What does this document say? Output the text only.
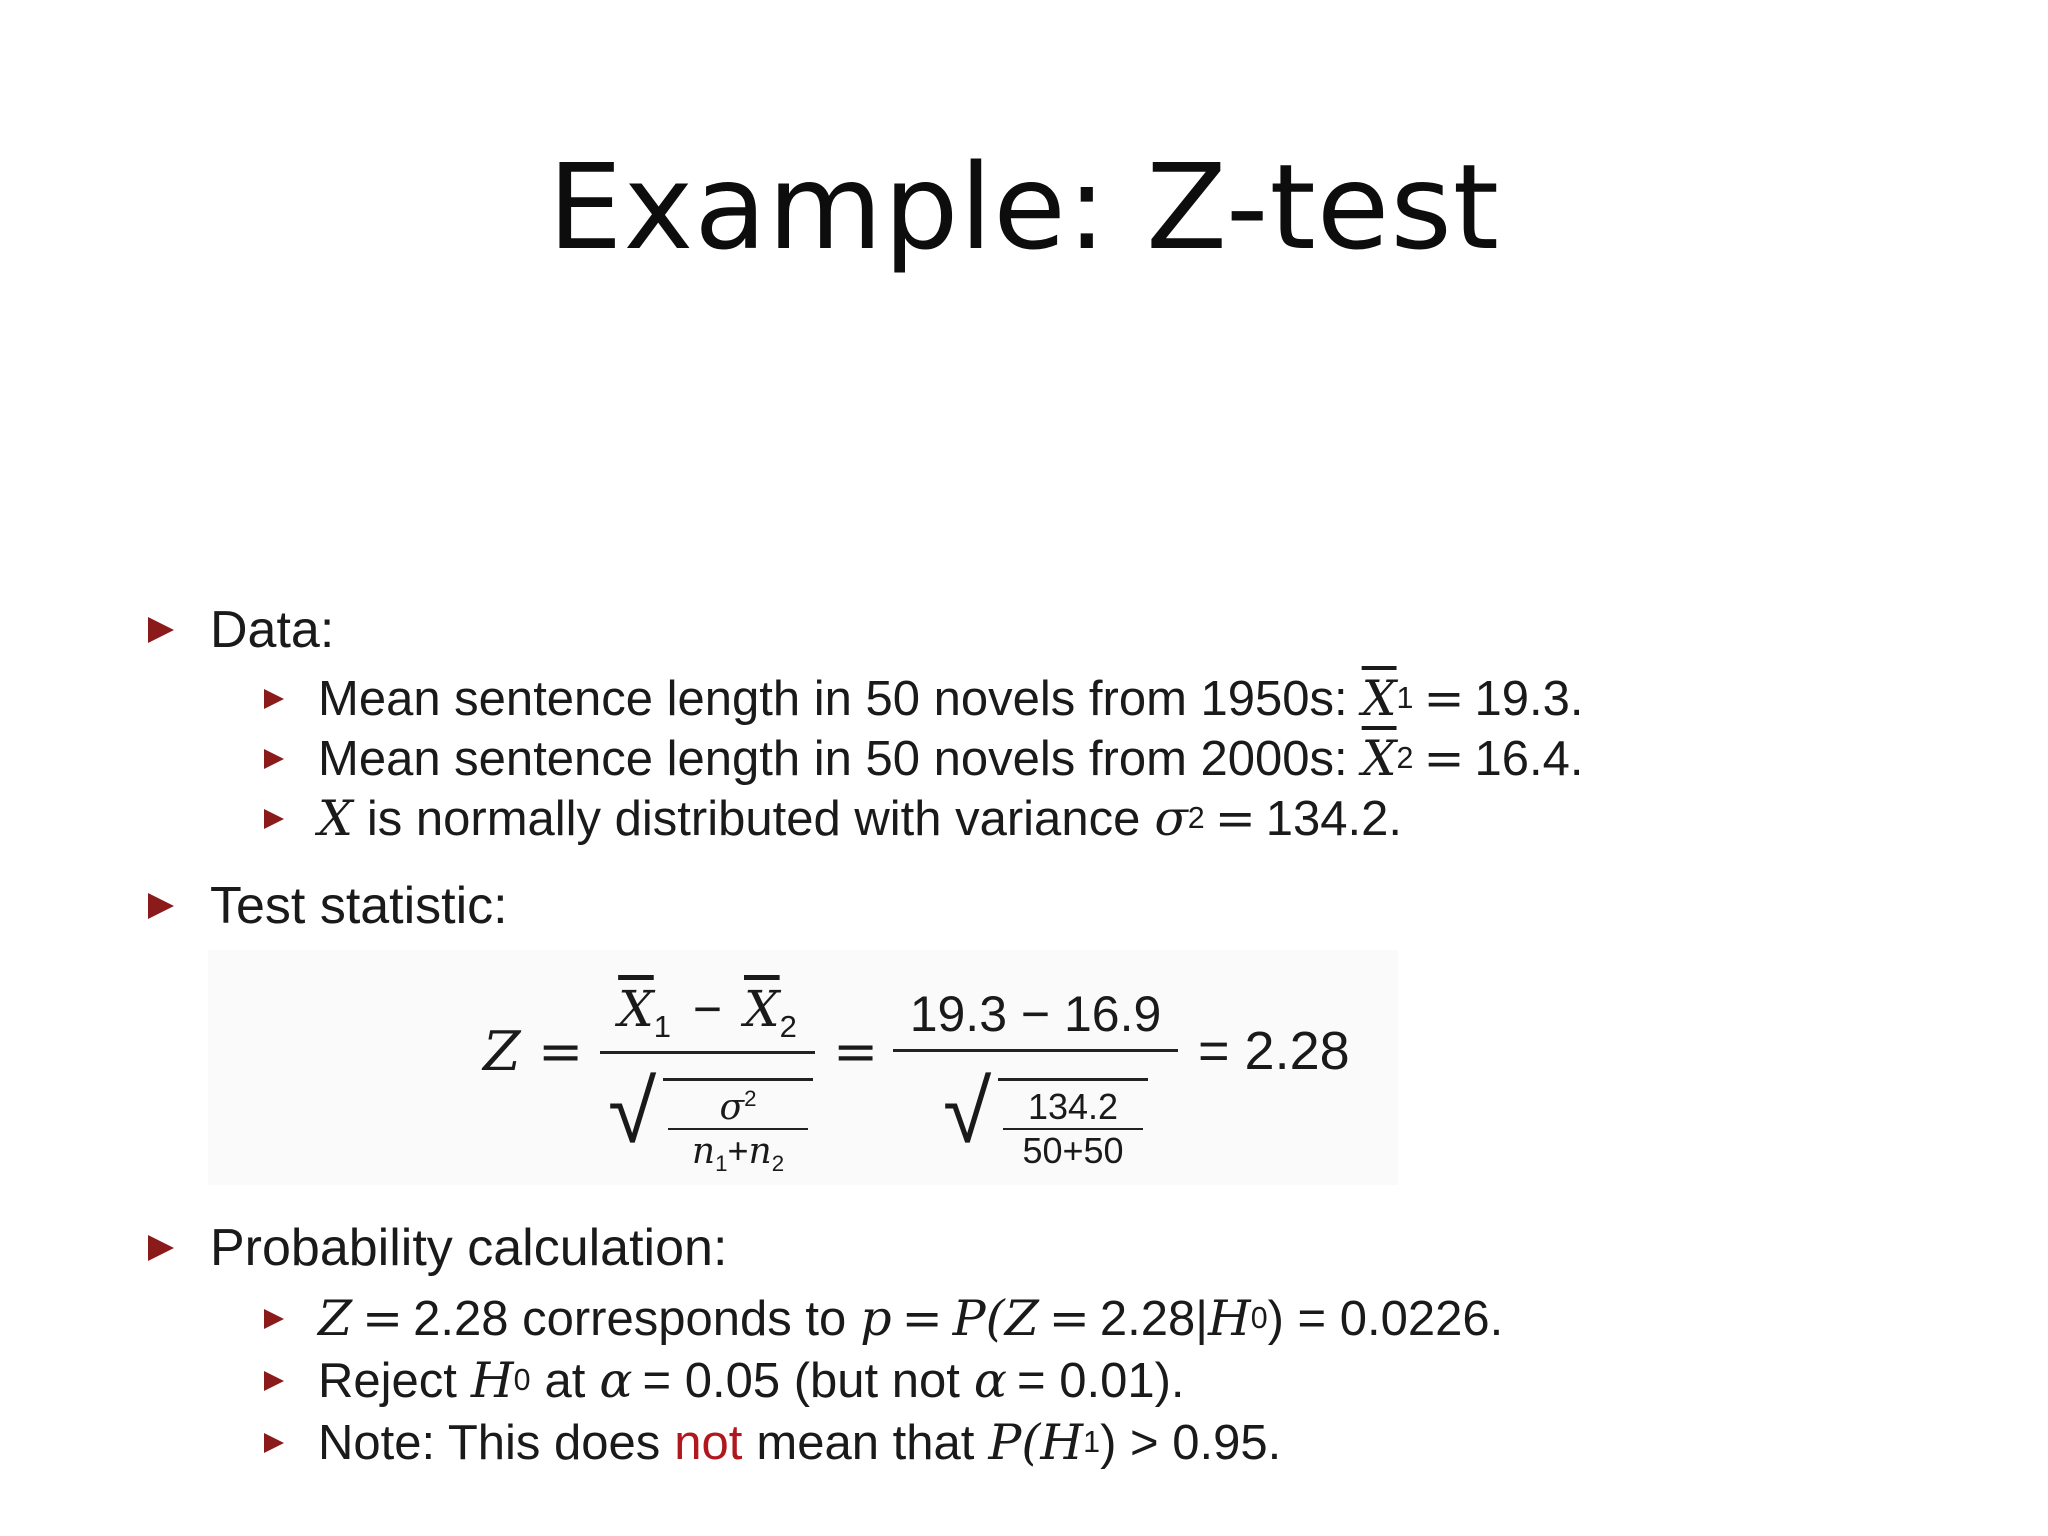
Example: Z-test
Data:
Mean sentence length in 50 novels from 1950s: $\overline{X}$ 1 = 19.3.
Mean sentence length in 50 novels from 2000s: $\overline{X}$ 2 = 16.4.
X is normally distributed with variance σ 2 = 134.2.
Test statistic:
Z =
$\overline{X}_1 - \overline{X}_2$
√	$\sigma^2$
$n_1+n_2$
=
19.3 − 16.9
√	134.2
50+50
= 2.28
Probability calculation:
Z = 2.28 corresponds to p = P(Z = 2.28| H 0 ) = 0.0226.
Reject H 0 at α = 0.05 (but not α = 0.01).
Note: This does not mean that P(H 1 ) > 0.95.
